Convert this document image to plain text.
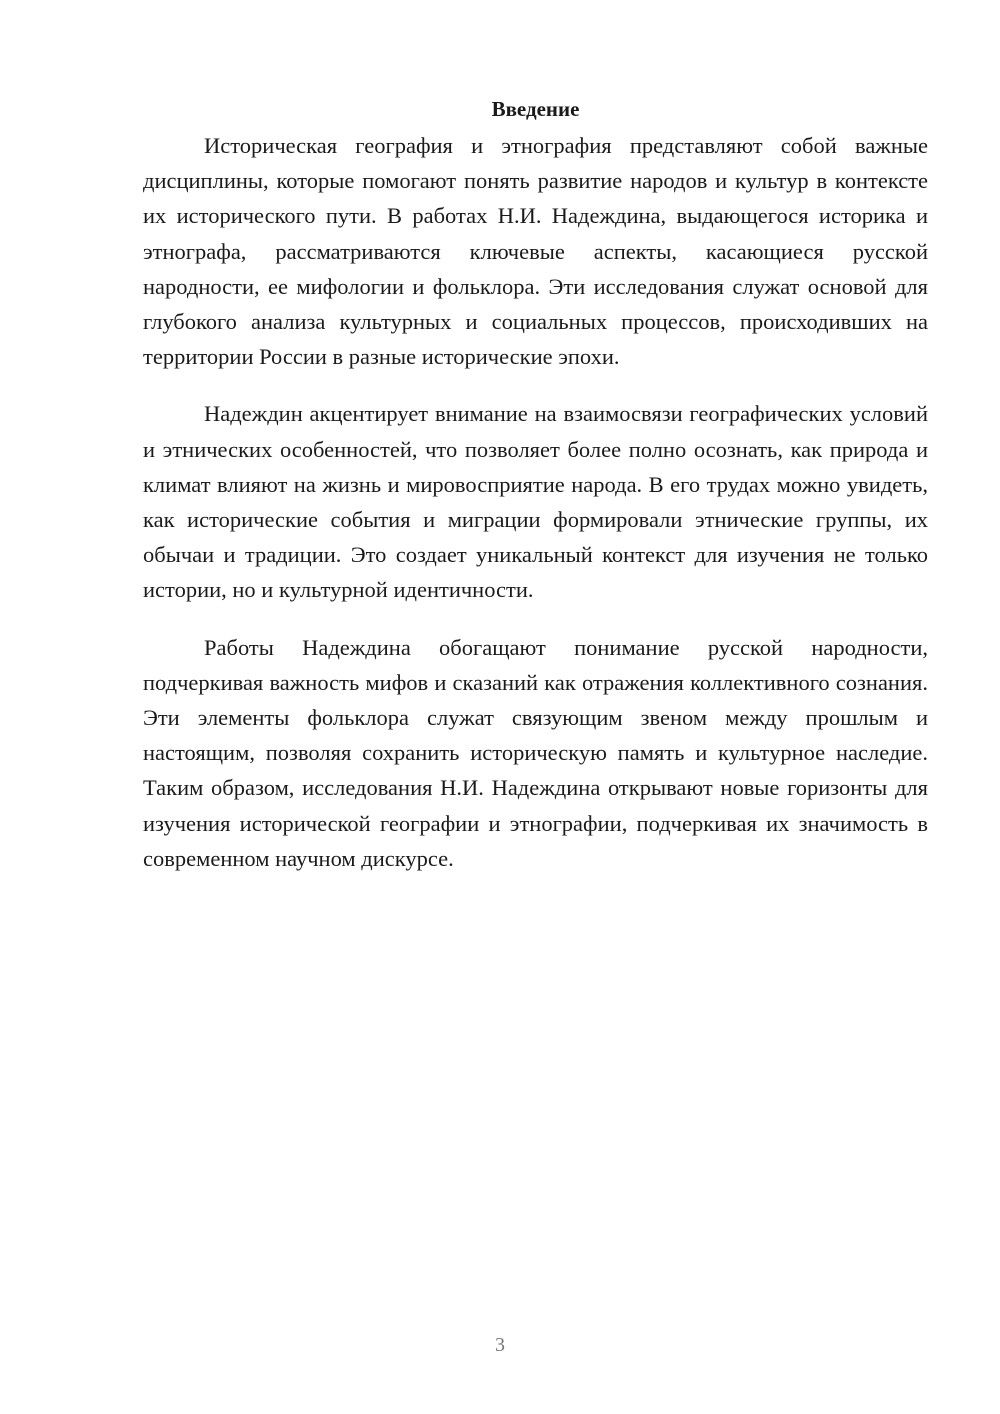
Введение

Историческая география и этнография представляют собой важные дисциплины, которые помогают понять развитие народов и культур в контексте их исторического пути. В работах Н.И. Надеждина, выдающегося историка и этнографа, рассматриваются ключевые аспекты, касающиеся русской народности, ее мифологии и фольклора. Эти исследования служат основой для глубокого анализа культурных и социальных процессов, происходивших на территории России в разные исторические эпохи.

Надеждин акцентирует внимание на взаимосвязи географических условий и этнических особенностей, что позволяет более полно осознать, как природа и климат влияют на жизнь и мировосприятие народа. В его трудах можно увидеть, как исторические события и миграции формировали этнические группы, их обычаи и традиции. Это создает уникальный контекст для изучения не только истории, но и культурной идентичности.

Работы Надеждина обогащают понимание русской народности, подчеркивая важность мифов и сказаний как отражения коллективного сознания. Эти элементы фольклора служат связующим звеном между прошлым и настоящим, позволяя сохранить историческую память и культурное наследие. Таким образом, исследования Н.И. Надеждина открывают новые горизонты для изучения исторической географии и этнографии, подчеркивая их значимость в современном научном дискурсе.

3
